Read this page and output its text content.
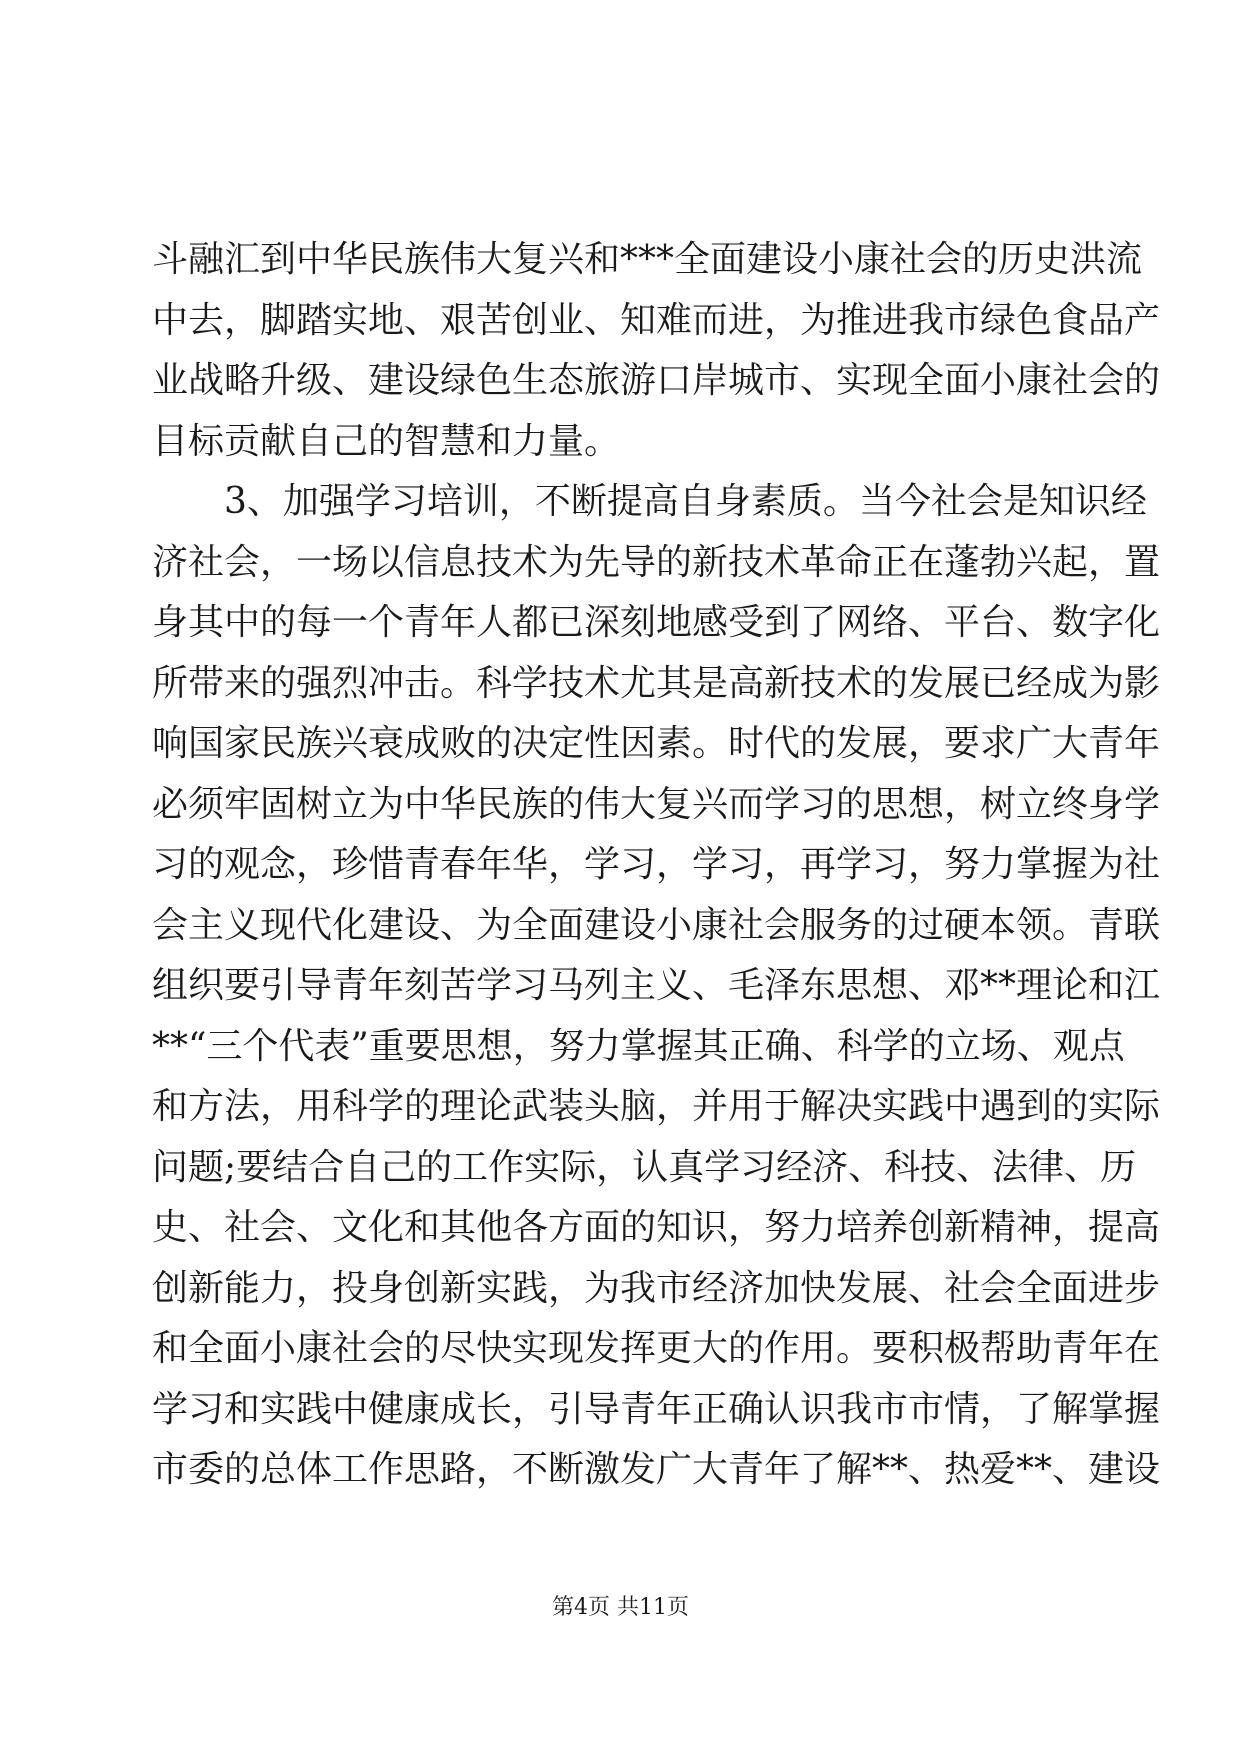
斗融汇到中华民族伟大复兴和***全面建设小康社会的历史洪流
中去，脚踏实地、艰苦创业、知难而进，为推进我市绿色食品产
业战略升级、建设绿色生态旅游口岸城市、实现全面小康社会的
目标贡献自己的智慧和力量。
　　3、加强学习培训，不断提高自身素质。当今社会是知识经
济社会，一场以信息技术为先导的新技术革命正在蓬勃兴起，置
身其中的每一个青年人都已深刻地感受到了网络、平台、数字化
所带来的强烈冲击。科学技术尤其是高新技术的发展已经成为影
响国家民族兴衰成败的决定性因素。时代的发展，要求广大青年
必须牢固树立为中华民族的伟大复兴而学习的思想，树立终身学
习的观念，珍惜青春年华，学习，学习，再学习，努力掌握为社
会主义现代化建设、为全面建设小康社会服务的过硬本领。青联
组织要引导青年刻苦学习马列主义、毛泽东思想、邓**理论和江
**“三个代表”重要思想，努力掌握其正确、科学的立场、观点
和方法，用科学的理论武装头脑，并用于解决实践中遇到的实际
问题;要结合自己的工作实际，认真学习经济、科技、法律、历
史、社会、文化和其他各方面的知识，努力培养创新精神，提高
创新能力，投身创新实践，为我市经济加快发展、社会全面进步
和全面小康社会的尽快实现发挥更大的作用。要积极帮助青年在
学习和实践中健康成长，引导青年正确认识我市市情，了解掌握
市委的总体工作思路，不断激发广大青年了解**、热爱**、建设
第4页 共11页
